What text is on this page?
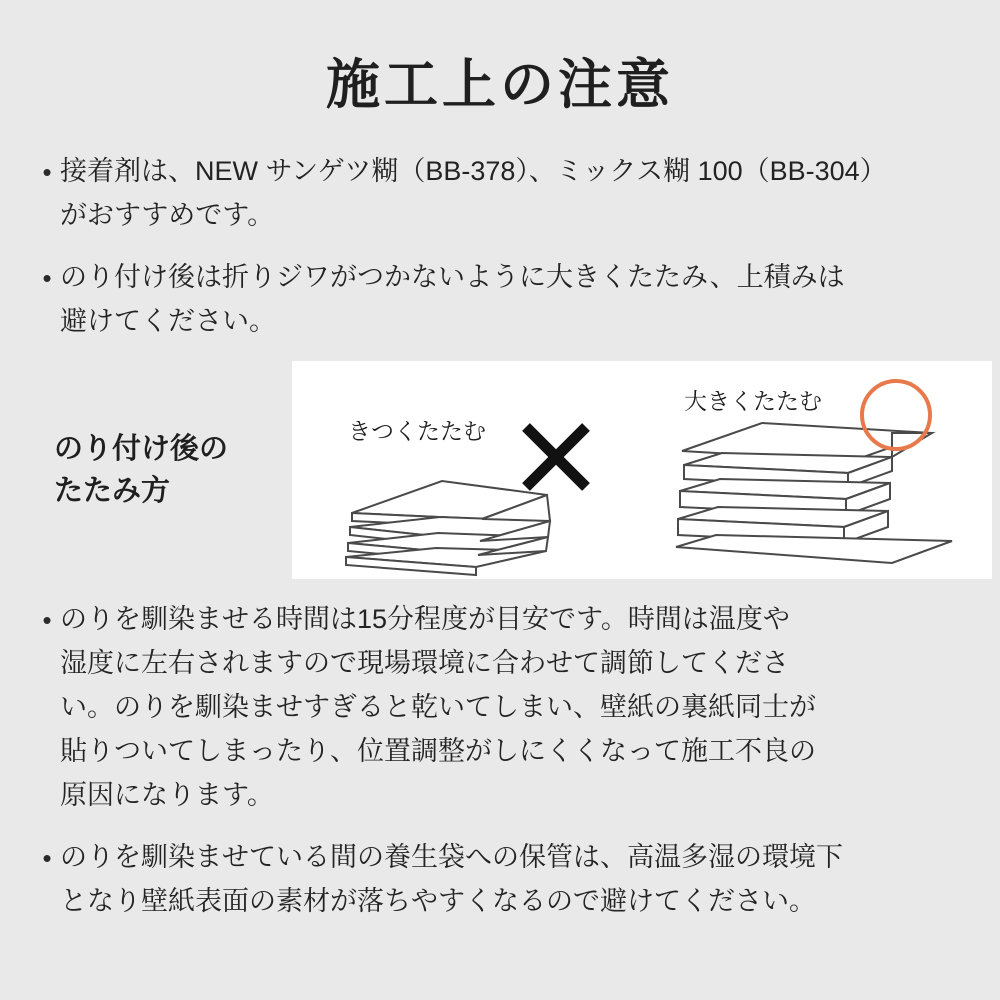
施工上の注意
• 接着剤は、NEW サンゲツ糊（BB-378）、ミックス糊 100（BB-304）
がおすすめです。
• のり付け後は折りジワがつかないように大きくたたみ、上積みは
避けてください。
のり付け後の
たたみ方
きつくたたむ
大きくたたむ
• のりを馴染ませる時間は15分程度が目安です。時間は温度や
湿度に左右されますので現場環境に合わせて調節してくださ
い。のりを馴染ませすぎると乾いてしまい、壁紙の裏紙同士が
貼りついてしまったり、位置調整がしにくくなって施工不良の
原因になります。
• のりを馴染ませている間の養生袋への保管は、高温多湿の環境下
となり壁紙表面の素材が落ちやすくなるので避けてください。
